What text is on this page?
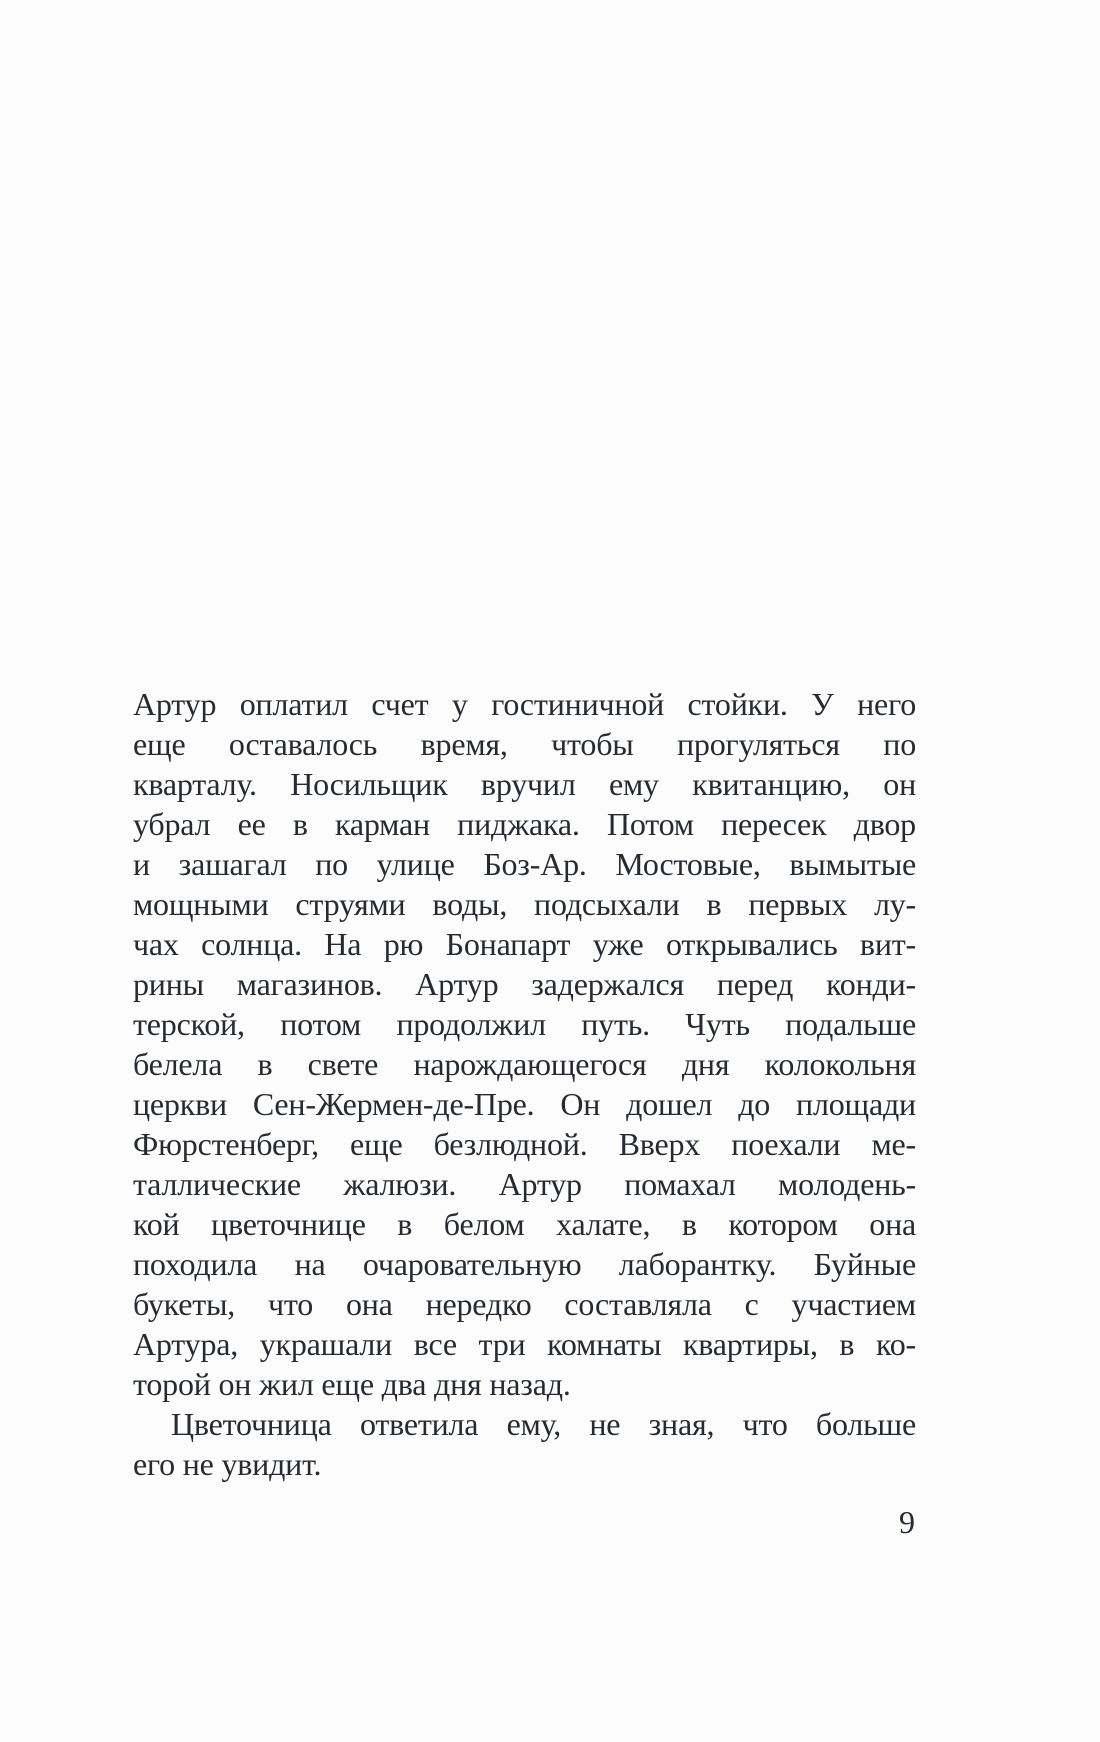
Артур оплатил счет у гостиничной стойки. У него
еще оставалось время, чтобы прогуляться по
кварталу. Носильщик вручил ему квитанцию, он
убрал ее в карман пиджака. Потом пересек двор
и зашагал по улице Боз-Ар. Мостовые, вымытые
мощными струями воды, подсыхали в первых лу-
чах солнца. На рю Бонапарт уже открывались вит-
рины магазинов. Артур задержался перед конди-
терской, потом продолжил путь. Чуть подальше
белела в свете нарождающегося дня колокольня
церкви Сен-Жермен-де-Пре. Он дошел до площади
Фюрстенберг, еще безлюдной. Вверх поехали ме-
таллические жалюзи. Артур помахал молодень-
кой цветочнице в белом халате, в котором она
походила на очаровательную лаборантку. Буйные
букеты, что она нередко составляла с участием
Артура, украшали все три комнаты квартиры, в ко-
торой он жил еще два дня назад.
Цветочница ответила ему, не зная, что больше
его не увидит.
9
